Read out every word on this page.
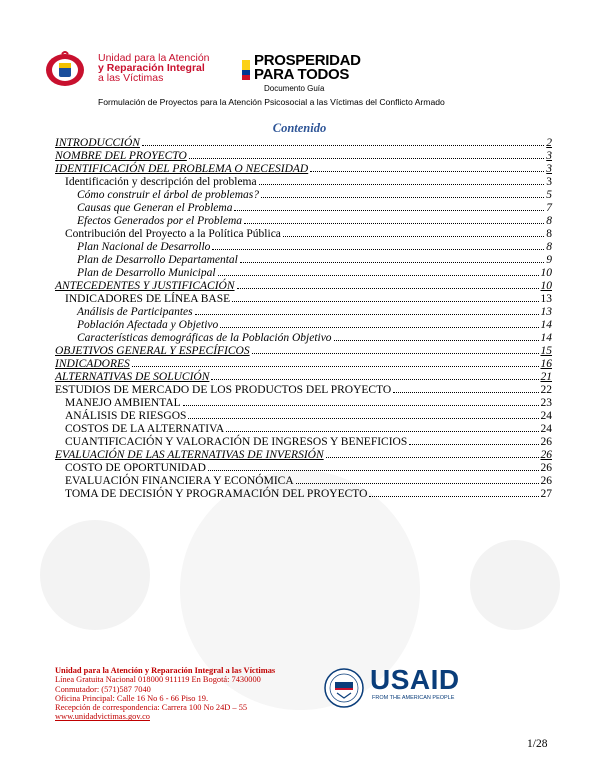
Unidad para la Atención
y Reparación Integral
a las Víctimas
PROSPERIDAD
PARA TODOS
Documento Guía
Formulación de Proyectos para la Atención Psicosocial a las Víctimas del Conflicto Armado
Contenido
INTRODUCCIÓN	2
NOMBRE DEL PROYECTO	3
IDENTIFICACIÓN DEL PROBLEMA O NECESIDAD	3
Identificación y descripción del problema	3
Cómo construir el árbol de problemas?	5
Causas que Generan el Problema	7
Efectos Generados por el Problema	8
Contribución del Proyecto a la Política Pública	8
Plan Nacional de Desarrollo	8
Plan de Desarrollo Departamental	9
Plan de Desarrollo Municipal	10
ANTECEDENTES Y JUSTIFICACIÓN	10
INDICADORES DE LÍNEA BASE	13
Análisis de Participantes	13
Población Afectada y Objetivo	14
Características demográficas de la Población Objetivo	14
OBJETIVOS GENERAL Y ESPECÍFICOS	15
INDICADORES	16
ALTERNATIVAS DE SOLUCIÓN	21
ESTUDIOS DE MERCADO DE LOS PRODUCTOS DEL PROYECTO	22
MANEJO AMBIENTAL	23
ANÁLISIS DE RIESGOS	24
COSTOS DE LA ALTERNATIVA	24
CUANTIFICACIÓN Y VALORACIÓN DE INGRESOS Y BENEFICIOS	26
EVALUACIÓN DE LAS ALTERNATIVAS DE INVERSIÓN	26
COSTO DE OPORTUNIDAD	26
EVALUACIÓN FINANCIERA Y ECONÓMICA	26
TOMA DE DECISIÓN Y PROGRAMACIÓN DEL PROYECTO	27
Unidad para la Atención y Reparación Integral a las Víctimas
Línea Gratuita Nacional 018000 911119 En Bogotá: 7430000
Conmutador: (571)587 7040
Oficina Principal: Calle 16 No 6 - 66 Piso 19.
Recepción de correspondencia: Carrera 100 No 24D – 55
www.unidadvictimas.gov.co
USAID
FROM THE AMERICAN PEOPLE
1/28
